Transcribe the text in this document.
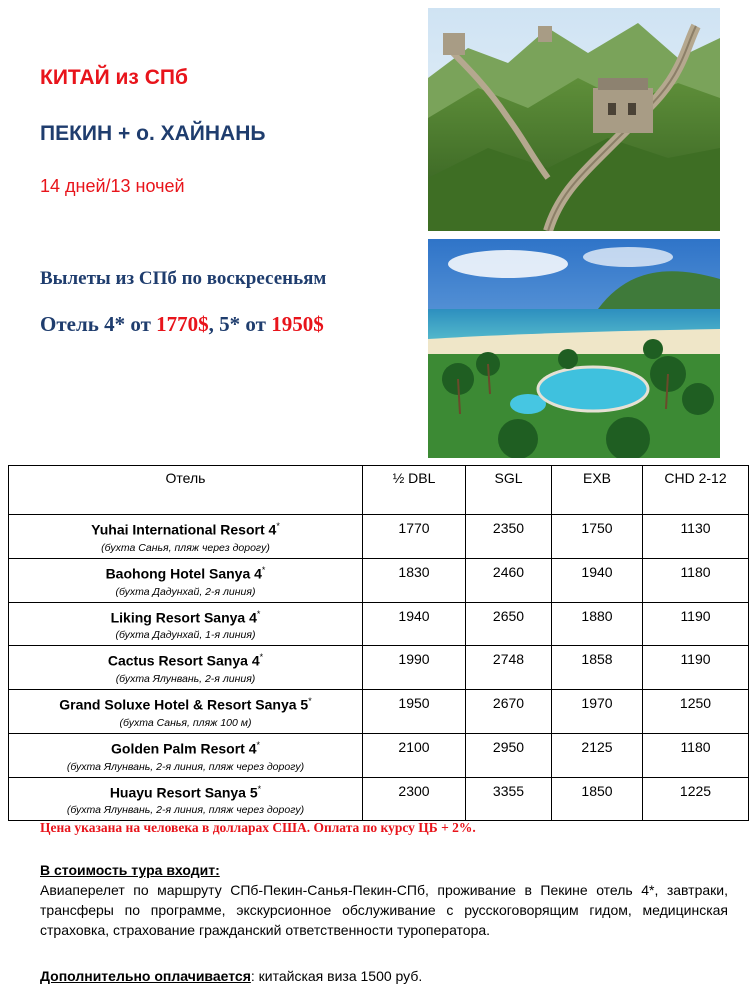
КИТАЙ из СПб
ПЕКИН + о. ХАЙНАНЬ
14 дней/13 ночей
Вылеты из СПб по воскресеньям
Отель 4* от 1770$, 5* от 1950$
Отель	½ DBL	SGL	EXB	CHD 2-12

Yuhai International Resort 4*
(бухта Санья, пляж через дорогу)	1770	2350	1750	1130

Baohong Hotel Sanya 4*
(бухта Дадунхай, 2-я линия)	1830	2460	1940	1180

Liking Resort Sanya 4*
(бухта Дадунхай, 1-я линия)	1940	2650	1880	1190

Cactus Resort Sanya 4*
(бухта Ялунвань, 2-я линия)	1990	2748	1858	1190

Grand Soluxe Hotel & Resort Sanya 5*
(бухта Санья, пляж 100 м)	1950	2670	1970	1250

Golden Palm Resort 4*
(бухта Ялунвань, 2-я линия, пляж через дорогу)	2100	2950	2125	1180

Huayu Resort Sanya 5*
(бухта Ялунвань, 2-я линия, пляж через дорогу)	2300	3355	1850	1225
Цена указана на человека в долларах США. Оплата по курсу ЦБ + 2%.
В стоимость тура входит:
Авиаперелет по маршруту СПб-Пекин-Санья-Пекин-СПб, проживание в Пекине отель 4*, завтраки, трансферы по программе, экскурсионное обслуживание с русскоговорящим гидом, медицинская страховка, страхование гражданский ответственности туроператора.
Дополнительно оплачивается: китайская виза 1500 руб.
